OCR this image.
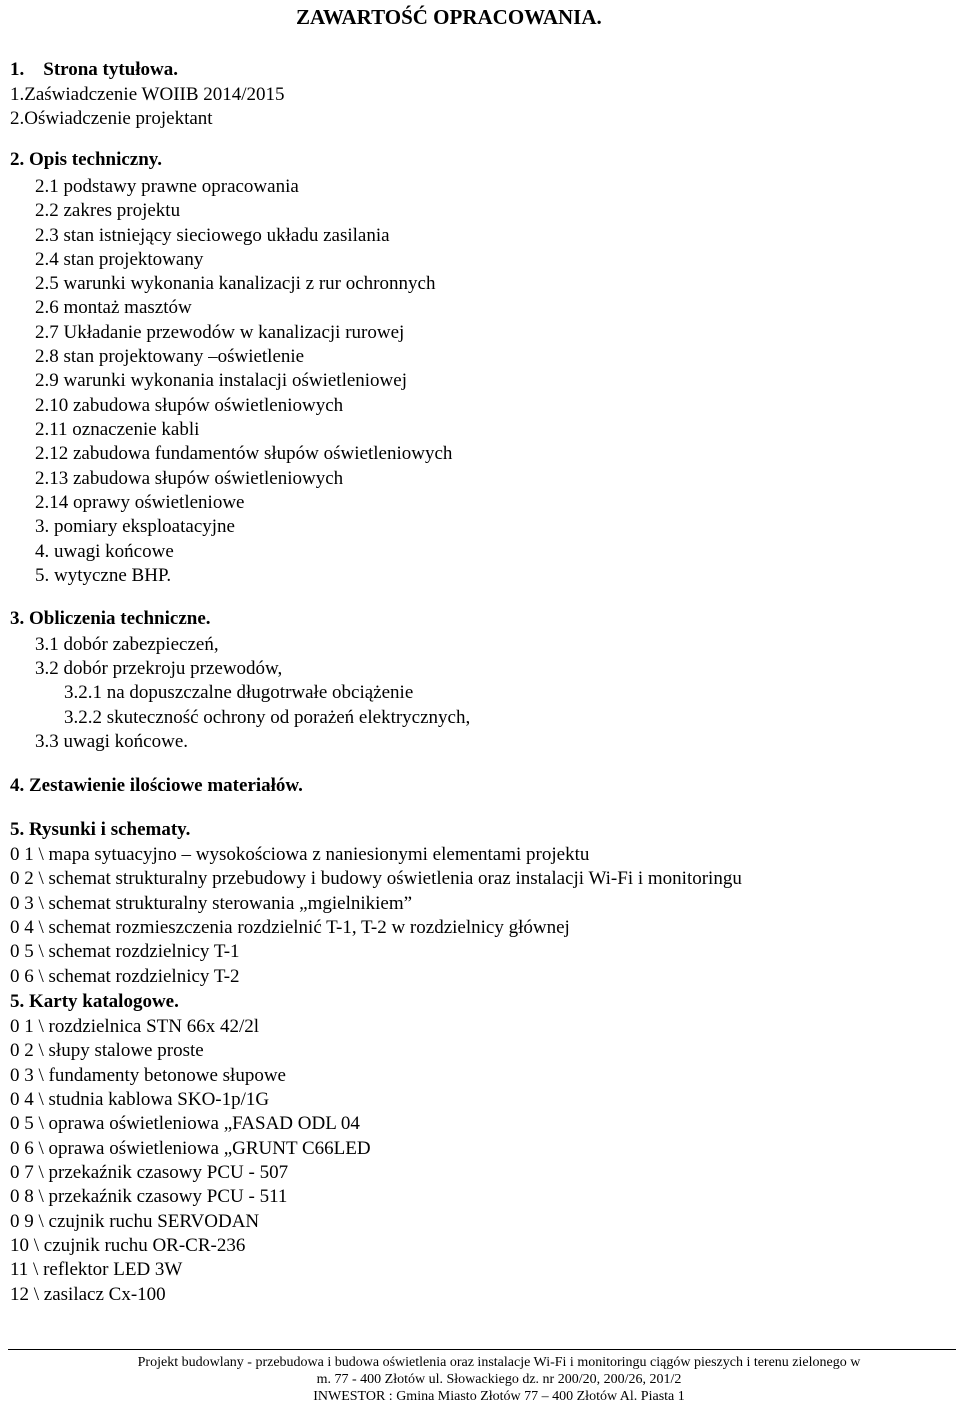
ZAWARTOŚĆ OPRACOWANIA.
1.    Strona tytułowa.
1.Zaświadczenie WOIIB 2014/2015
2.Oświadczenie projektant
2. Opis techniczny.
2.1 podstawy prawne opracowania
2.2 zakres projektu
2.3 stan istniejący sieciowego układu zasilania
2.4 stan projektowany
2.5 warunki wykonania kanalizacji z rur ochronnych
2.6 montaż masztów
2.7 Układanie przewodów w kanalizacji rurowej
2.8 stan projektowany –oświetlenie
2.9 warunki wykonania instalacji oświetleniowej
2.10 zabudowa słupów oświetleniowych
2.11 oznaczenie kabli
2.12 zabudowa fundamentów słupów oświetleniowych
2.13 zabudowa słupów oświetleniowych
2.14 oprawy oświetleniowe
3. pomiary eksploatacyjne
4. uwagi końcowe
5. wytyczne BHP.
3. Obliczenia techniczne.
3.1 dobór zabezpieczeń,
3.2 dobór przekroju przewodów,
3.2.1 na dopuszczalne długotrwałe obciążenie
3.2.2 skuteczność ochrony od porażeń elektrycznych,
3.3 uwagi końcowe.
4. Zestawienie ilościowe materiałów.
5. Rysunki i schematy.
0 1 \ mapa sytuacyjno – wysokościowa z naniesionymi elementami projektu
0 2 \ schemat strukturalny przebudowy i budowy oświetlenia oraz instalacji Wi-Fi i monitoringu
0 3 \ schemat strukturalny sterowania „mgielnikiem”
0 4 \ schemat rozmieszczenia rozdzielnić T-1, T-2 w rozdzielnicy głównej
0 5 \ schemat rozdzielnicy T-1
0 6 \ schemat rozdzielnicy T-2
5. Karty katalogowe.
0 1 \ rozdzielnica STN 66x 42/2l
0 2 \ słupy stalowe proste
0 3 \ fundamenty betonowe słupowe
0 4 \ studnia kablowa SKO-1p/1G
0 5 \ oprawa oświetleniowa „FASAD ODL 04
0 6 \ oprawa oświetleniowa „GRUNT C66LED
0 7 \ przekaźnik czasowy PCU - 507
0 8 \ przekaźnik czasowy PCU - 511
0 9 \ czujnik ruchu SERVODAN
10 \ czujnik ruchu OR-CR-236
11 \ reflektor LED 3W
12 \ zasilacz Cx-100
Projekt budowlany - przebudowa i budowa oświetlenia oraz instalacje Wi-Fi i monitoringu ciągów pieszych i terenu zielonego w
m. 77 - 400 Złotów ul. Słowackiego dz. nr 200/20, 200/26, 201/2
INWESTOR : Gmina Miasto Złotów 77 – 400 Złotów Al. Piasta 1
